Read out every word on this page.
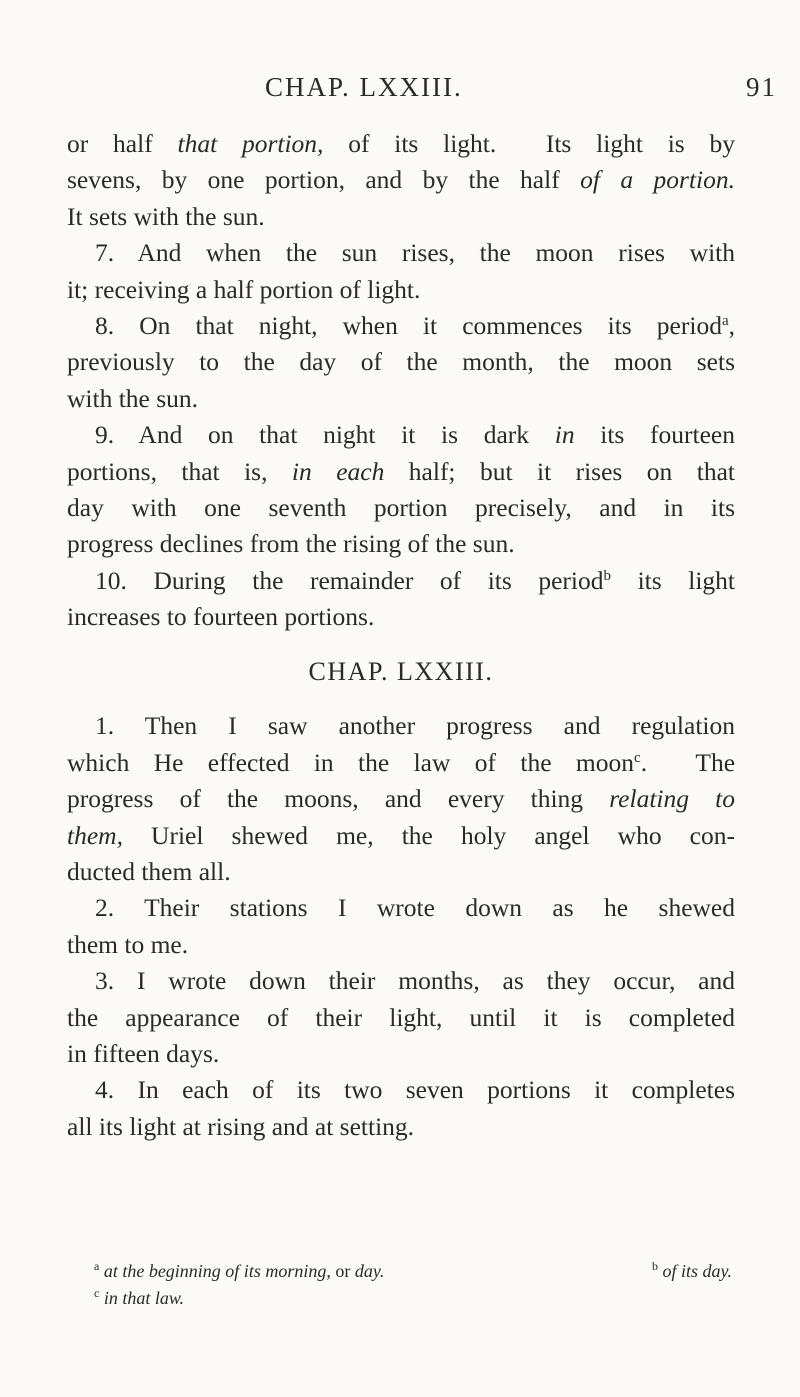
CHAP. LXXIII.	91
or half that portion, of its light.  Its light is by
sevens, by one portion, and by the half of a portion.
It sets with the sun.
7. And when the sun rises, the moon rises with
it; receiving a half portion of light.
8. On that night, when it commences its period$^a$,
previously to the day of the month, the moon sets
with the sun.
9. And on that night it is dark in its fourteen
portions, that is, in each half; but it rises on that
day with one seventh portion precisely, and in its
progress declines from the rising of the sun.
10. During the remainder of its period$^b$ its light
increases to fourteen portions.
CHAP. LXXIII.
1. Then I saw another progress and regulation
which He effected in the law of the moon$^c$.  The
progress of the moons, and every thing relating to
them, Uriel shewed me, the holy angel who con-
ducted them all.
2. Their stations I wrote down as he shewed
them to me.
3. I wrote down their months, as they occur, and
the appearance of their light, until it is completed
in fifteen days.
4. In each of its two seven portions it completes
all its light at rising and at setting.
$^a$ at the beginning of its morning, or day.	$^b$ of its day.
$^c$ in that law.
